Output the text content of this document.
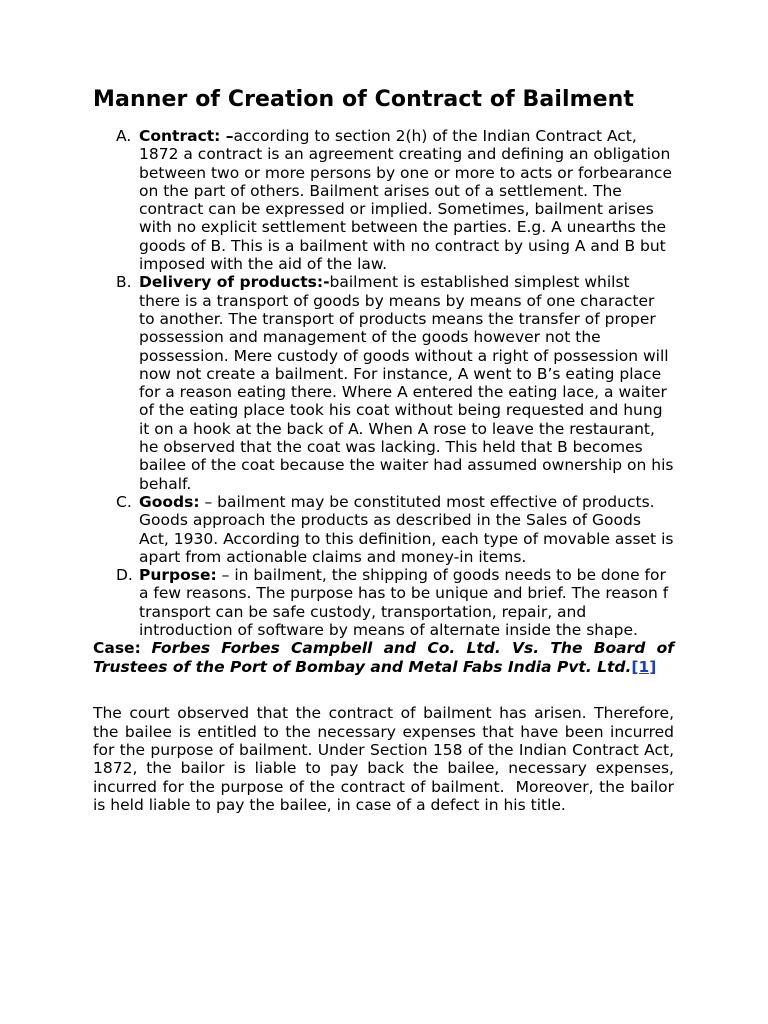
Manner of Creation of Contract of Bailment
A. Contract: –according to section 2(h) of the Indian Contract Act, 1872 a contract is an agreement creating and defining an obligation between two or more persons by one or more to acts or forbearance on the part of others. Bailment arises out of a settlement. The contract can be expressed or implied. Sometimes, bailment arises with no explicit settlement between the parties. E.g. A unearths the goods of B. This is a bailment with no contract by using A and B but imposed with the aid of the law.
B. Delivery of products:-bailment is established simplest whilst there is a transport of goods by means by means of one character to another. The transport of products means the transfer of proper possession and management of the goods however not the possession. Mere custody of goods without a right of possession will now not create a bailment. For instance, A went to B’s eating place for a reason eating there. Where A entered the eating lace, a waiter of the eating place took his coat without being requested and hung it on a hook at the back of A. When A rose to leave the restaurant, he observed that the coat was lacking. This held that B becomes bailee of the coat because the waiter had assumed ownership on his behalf.
C. Goods: – bailment may be constituted most effective of products. Goods approach the products as described in the Sales of Goods Act, 1930. According to this definition, each type of movable asset is apart from actionable claims and money-in items.
D. Purpose: – in bailment, the shipping of goods needs to be done for a few reasons. The purpose has to be unique and brief. The reason f transport can be safe custody, transportation, repair, and introduction of software by means of alternate inside the shape.

Case: Forbes Forbes Campbell and Co. Ltd. Vs. The Board of Trustees of the Port of Bombay and Metal Fabs India Pvt. Ltd.[1]

The court observed that the contract of bailment has arisen. Therefore, the bailee is entitled to the necessary expenses that have been incurred for the purpose of bailment. Under Section 158 of the Indian Contract Act, 1872, the bailor is liable to pay back the bailee, necessary expenses, incurred for the purpose of the contract of bailment.  Moreover, the bailor is held liable to pay the bailee, in case of a defect in his title.
